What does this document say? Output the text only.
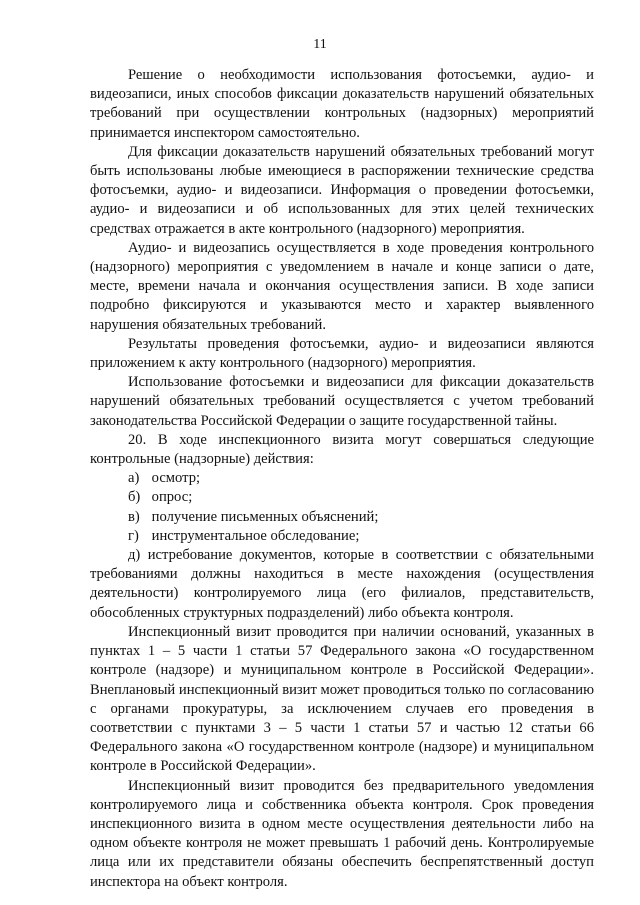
11

Решение о необходимости использования фотосъемки, аудио- и видеозаписи, иных способов фиксации доказательств нарушений обязательных требований при осуществлении контрольных (надзорных) мероприятий принимается инспектором самостоятельно.

Для фиксации доказательств нарушений обязательных требований могут быть использованы любые имеющиеся в распоряжении технические средства фотосъемки, аудио- и видеозаписи. Информация о проведении фотосъемки, аудио- и видеозаписи и об использованных для этих целей технических средствах отражается в акте контрольного (надзорного) мероприятия.

Аудио- и видеозапись осуществляется в ходе проведения контрольного (надзорного) мероприятия с уведомлением в начале и конце записи о дате, месте, времени начала и окончания осуществления записи. В ходе записи подробно фиксируются и указываются место и характер выявленного нарушения обязательных требований.

Результаты проведения фотосъемки, аудио- и видеозаписи являются приложением к акту контрольного (надзорного) мероприятия.

Использование фотосъемки и видеозаписи для фиксации доказательств нарушений обязательных требований осуществляется с учетом требований законодательства Российской Федерации о защите государственной тайны.

20. В ходе инспекционного визита могут совершаться следующие контрольные (надзорные) действия:

а) осмотр;
б) опрос;
в) получение письменных объяснений;
г) инструментальное обследование;

д) истребование документов, которые в соответствии с обязательными требованиями должны находиться в месте нахождения (осуществления деятельности) контролируемого лица (его филиалов, представительств, обособленных структурных подразделений) либо объекта контроля.

Инспекционный визит проводится при наличии оснований, указанных в пунктах 1 – 5 части 1 статьи 57 Федерального закона «О государственном контроле (надзоре) и муниципальном контроле в Российской Федерации». Внеплановый инспекционный визит может проводиться только по согласованию с органами прокуратуры, за исключением случаев его проведения в соответствии с пунктами 3 – 5 части 1 статьи 57 и частью 12 статьи 66 Федерального закона «О государственном контроле (надзоре) и муниципальном контроле в Российской Федерации».

Инспекционный визит проводится без предварительного уведомления контролируемого лица и собственника объекта контроля. Срок проведения инспекционного визита в одном месте осуществления деятельности либо на одном объекте контроля не может превышать 1 рабочий день. Контролируемые лица или их представители обязаны обеспечить беспрепятственный доступ инспектора на объект контроля.
